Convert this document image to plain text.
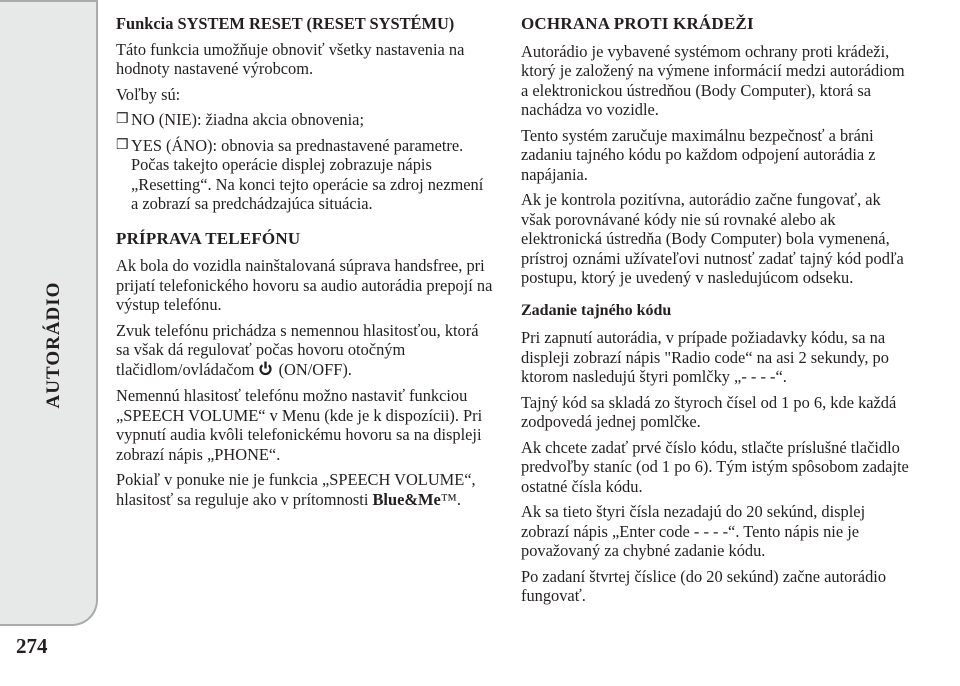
AUTORÁDIO
274
Funkcia SYSTEM RESET (RESET SYSTÉMU)

Táto funkcia umožňuje obnoviť všetky nastavenia na hodnoty nastavené výrobcom.

Voľby sú:

❒ NO (NIE): žiadna akcia obnovenia;
❒ YES (ÁNO): obnovia sa prednastavené parametre. Počas takejto operácie displej zobrazuje nápis „Resetting“. Na konci tejto operácie sa zdroj nezmení a zobrazí sa predchádzajúca situácia.
PRÍPRAVA TELEFÓNU

Ak bola do vozidla nainštalovaná súprava handsfree, pri prijatí telefonického hovoru sa audio autorádia prepojí na výstup telefónu.

Zvuk telefónu prichádza s nemennou hlasitosťou, ktorá sa však dá regulovať počas hovoru otočným tlačidlom/ovládačom (ON/OFF).

Nemennú hlasitosť telefónu možno nastaviť funkciou „SPEECH VOLUME“ v Menu (kde je k dispozícii). Pri vypnutí audia kvôli telefonickému hovoru sa na displeji zobrazí nápis „PHONE“.

Pokiaľ v ponuke nie je funkcia „SPEECH VOLUME“, hlasitosť sa reguluje ako v prítomnosti Blue&Me™.

OCHRANA PROTI KRÁDEŽI

Autorádio je vybavené systémom ochrany proti krádeži, ktorý je založený na výmene informácií medzi autorádiom a elektronickou ústredňou (Body Computer), ktorá sa nachádza vo vozidle.

Tento systém zaručuje maximálnu bezpečnosť a bráni zadaniu tajného kódu po každom odpojení autorádia z napájania.

Ak je kontrola pozitívna, autorádio začne fungovať, ak však porovnávané kódy nie sú rovnaké alebo ak elektronická ústredňa (Body Computer) bola vymenená, prístroj oznámi užívateľovi nutnosť zadať tajný kód podľa postupu, ktorý je uvedený v nasledujúcom odseku.

Zadanie tajného kódu

Pri zapnutí autorádia, v prípade požiadavky kódu, sa na displeji zobrazí nápis "Radio code“ na asi 2 sekundy, po ktorom nasledujú štyri pomlčky „- - - -“.

Tajný kód sa skladá zo štyroch čísel od 1 po 6, kde každá zodpovedá jednej pomlčke.

Ak chcete zadať prvé číslo kódu, stlačte príslušné tlačidlo predvoľby staníc (od 1 po 6). Tým istým spôsobom zadajte ostatné čísla kódu.

Ak sa tieto štyri čísla nezadajú do 20 sekúnd, displej zobrazí nápis „Enter code - - - -“. Tento nápis nie je považovaný za chybné zadanie kódu.

Po zadaní štvrtej číslice (do 20 sekúnd) začne autorádio fungovať.
